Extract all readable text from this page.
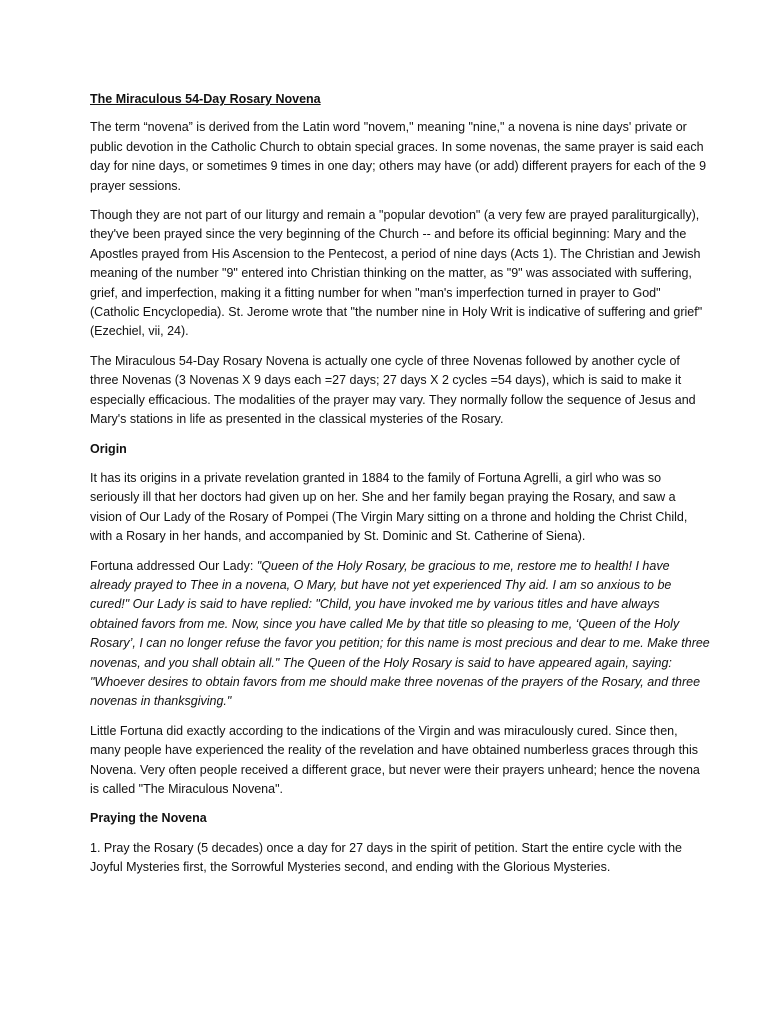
The Miraculous 54-Day Rosary Novena

The term “novena” is derived from the Latin word "novem," meaning "nine," a novena is nine days' private or public devotion in the Catholic Church to obtain special graces. In some novenas, the same prayer is said each day for nine days, or sometimes 9 times in one day; others may have (or add) different prayers for each of the 9 prayer sessions.

Though they are not part of our liturgy and remain a "popular devotion" (a very few are prayed paraliturgically), they've been prayed since the very beginning of the Church -- and before its official beginning: Mary and the Apostles prayed from His Ascension to the Pentecost, a period of nine days (Acts 1). The Christian and Jewish meaning of the number "9" entered into Christian thinking on the matter, as "9" was associated with suffering, grief, and imperfection, making it a fitting number for when "man's imperfection turned in prayer to God" (Catholic Encyclopedia). St. Jerome wrote that "the number nine in Holy Writ is indicative of suffering and grief" (Ezechiel, vii, 24).

The Miraculous 54-Day Rosary Novena is actually one cycle of three Novenas followed by another cycle of three Novenas (3 Novenas X 9 days each =27 days; 27 days X 2 cycles =54 days), which is said to make it especially efficacious. The modalities of the prayer may vary. They normally follow the sequence of Jesus and Mary's stations in life as presented in the classical mysteries of the Rosary.

Origin

It has its origins in a private revelation granted in 1884 to the family of Fortuna Agrelli, a girl who was so seriously ill that her doctors had given up on her. She and her family began praying the Rosary, and saw a vision of Our Lady of the Rosary of Pompei (The Virgin Mary sitting on a throne and holding the Christ Child, with a Rosary in her hands, and accompanied by St. Dominic and St. Catherine of Siena).

Fortuna addressed Our Lady: "Queen of the Holy Rosary, be gracious to me, restore me to health! I have already prayed to Thee in a novena, O Mary, but have not yet experienced Thy aid. I am so anxious to be cured!" Our Lady is said to have replied: "Child, you have invoked me by various titles and have always obtained favors from me. Now, since you have called Me by that title so pleasing to me, ‘Queen of the Holy Rosary’, I can no longer refuse the favor you petition; for this name is most precious and dear to me. Make three novenas, and you shall obtain all." The Queen of the Holy Rosary is said to have appeared again, saying: "Whoever desires to obtain favors from me should make three novenas of the prayers of the Rosary, and three novenas in thanksgiving."

Little Fortuna did exactly according to the indications of the Virgin and was miraculously cured. Since then, many people have experienced the reality of the revelation and have obtained numberless graces through this Novena. Very often people received a different grace, but never were their prayers unheard; hence the novena is called "The Miraculous Novena".

Praying the Novena

1. Pray the Rosary (5 decades) once a day for 27 days in the spirit of petition. Start the entire cycle with the Joyful Mysteries first, the Sorrowful Mysteries second, and ending with the Glorious Mysteries.
